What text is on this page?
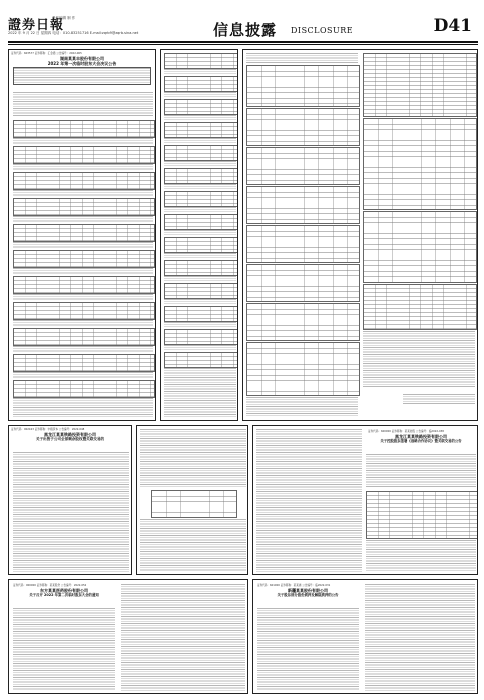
證券日報
责任编辑 制 作
2022 年 9 月 22 日 星期四 电话：010-83251716 E-mail:zqrb9@zqrb.sina.net	信息披露 DISCLOSURE	D41
证券代码：603577 证券简称：汇金通 公告编号：2022-065
湖南某某丰股份有限公司
2022 年第一次临时股东大会决议公告
证券代码：002423 证券简称：中粮资本 公告编号：2022-048
黑龙江某某铁路投资有限公司
关于出售子公司全部剩余股权暨关联交易的
证券代码：600000 证券简称：某某控股 公告编号：临2022-038
黑龙江某某铁路投资有限公司
关于控股股东签署《战略合作协议》暨关联交易的公告
证券代码：000000 证券简称：某某股份 公告编号：2022-052
东方某某医药股份有限公司
关于召开 2022 年第二次临时股东大会的通知
证券代码：601000 证券简称：某某港 公告编号：临2022-031
新疆某某股份有限公司
关于股东部分股份质押及解除质押的公告
